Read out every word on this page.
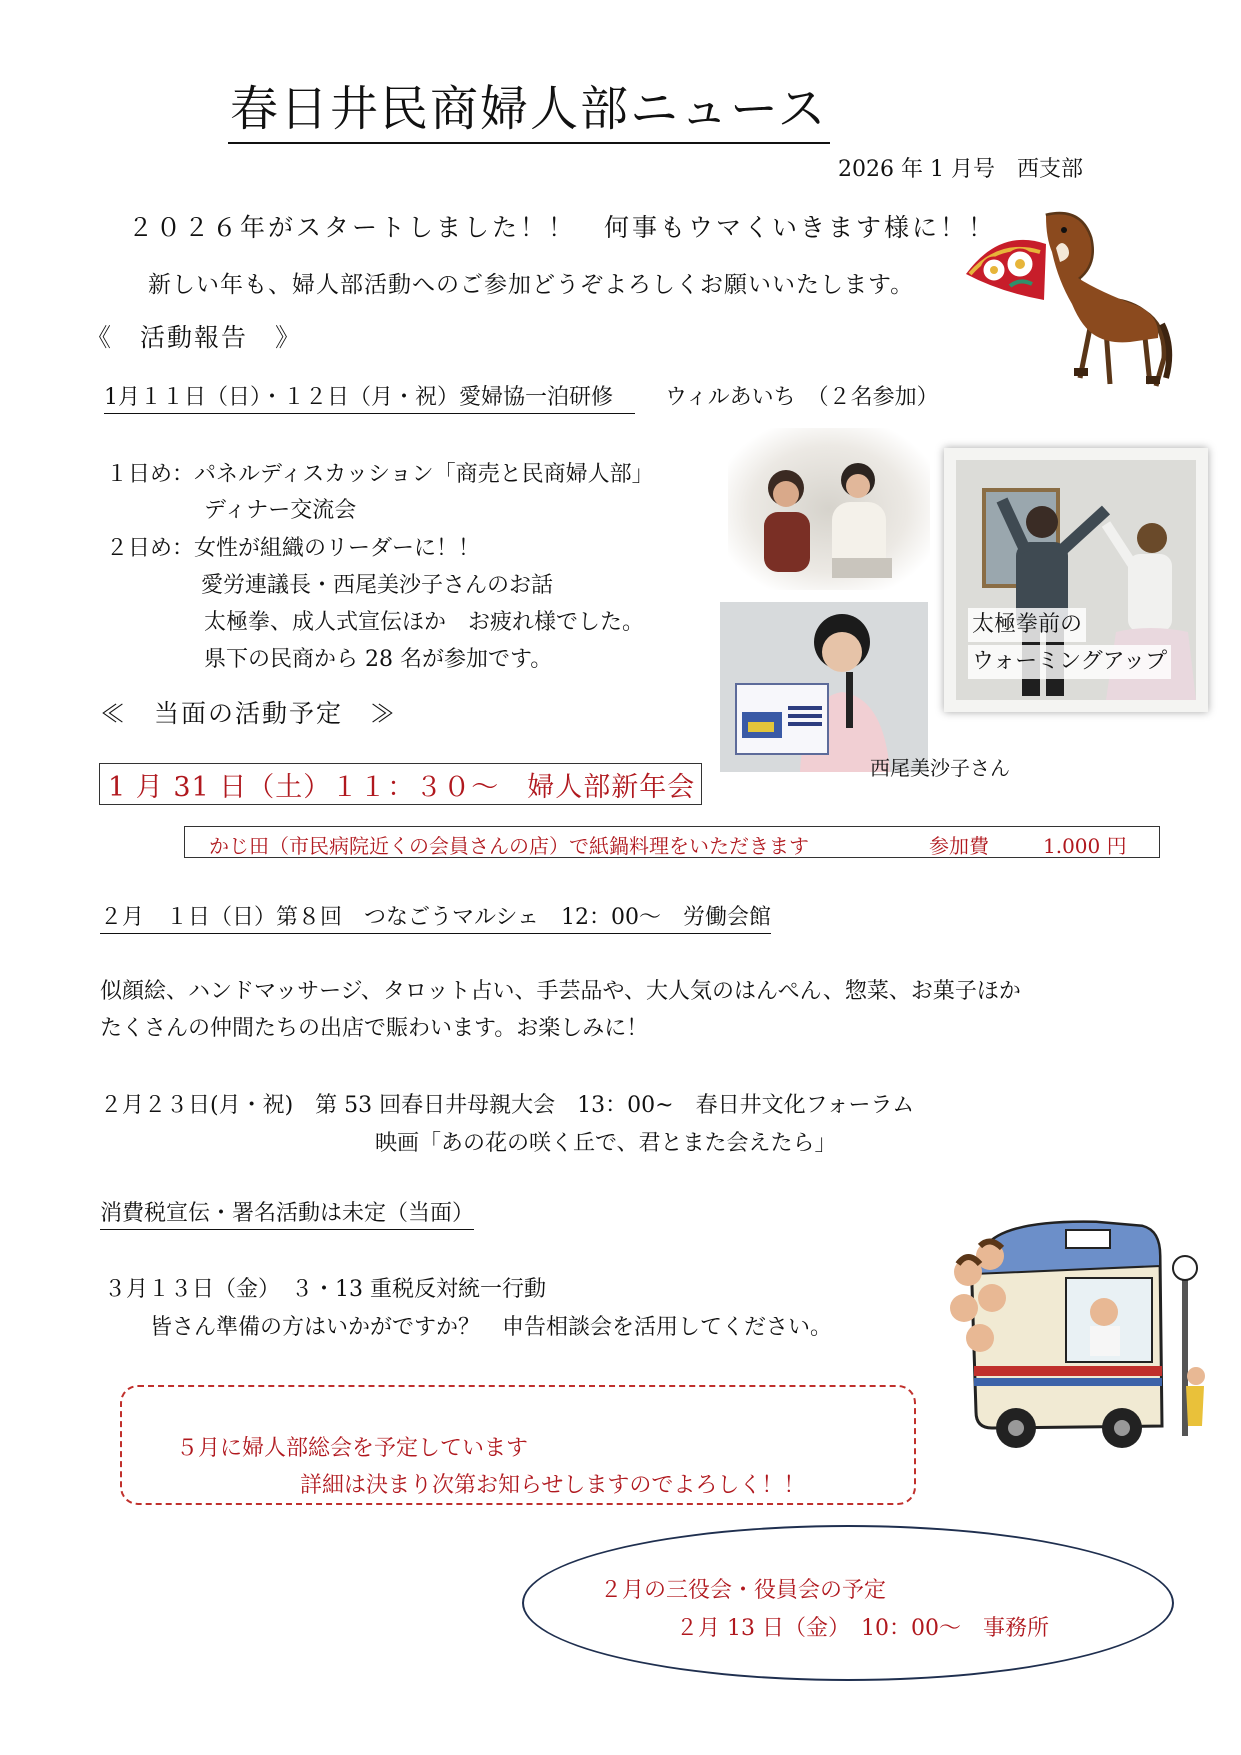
春日井民商婦人部ニュース
2026 年 1 月号　西支部
２０２６年がスタートしました！！　何事もウマくいきます様に！！
新しい年も、婦人部活動へのご参加どうぞよろしくお願いいたします。
《　活動報告　》
1月１１日（日）・１２日（月・祝）愛婦協一泊研修　ウィルあいち　（２名参加）
１日め：パネルディスカッション「商売と民商婦人部」
ディナー交流会
２日め：女性が組織のリーダーに！！
愛労連議長・西尾美沙子さんのお話
太極拳、成人式宣伝ほか　お疲れ様でした。
県下の民商から 28 名が参加です。
太極拳前の
ウォーミングアップ
西尾美沙子さん
≪　当面の活動予定　≫
1 月 31 日（土）１１：３０～　婦人部新年会
かじ田（市民病院近くの会員さんの店）で紙鍋料理をいただきます	参加費	1.000 円
２月　１日（日）第８回　つなごうマルシェ　12：00～　労働会館
似顔絵、ハンドマッサージ、タロット占い、手芸品や、大人気のはんぺん、惣菜、お菓子ほか
たくさんの仲間たちの出店で賑わいます。お楽しみに！
２月２３日(月・祝)　第 53 回春日井母親大会　13：00~　春日井文化フォーラム
映画「あの花の咲く丘で、君とまた会えたら」
消費税宣伝・署名活動は未定（当面）
３月１３日（金）　３・13 重税反対統一行動
皆さん準備の方はいかがですか？　申告相談会を活用してください。
５月に婦人部総会を予定しています
詳細は決まり次第お知らせしますのでよろしく！！
２月の三役会・役員会の予定
２月 13 日（金）　10：00～　事務所
